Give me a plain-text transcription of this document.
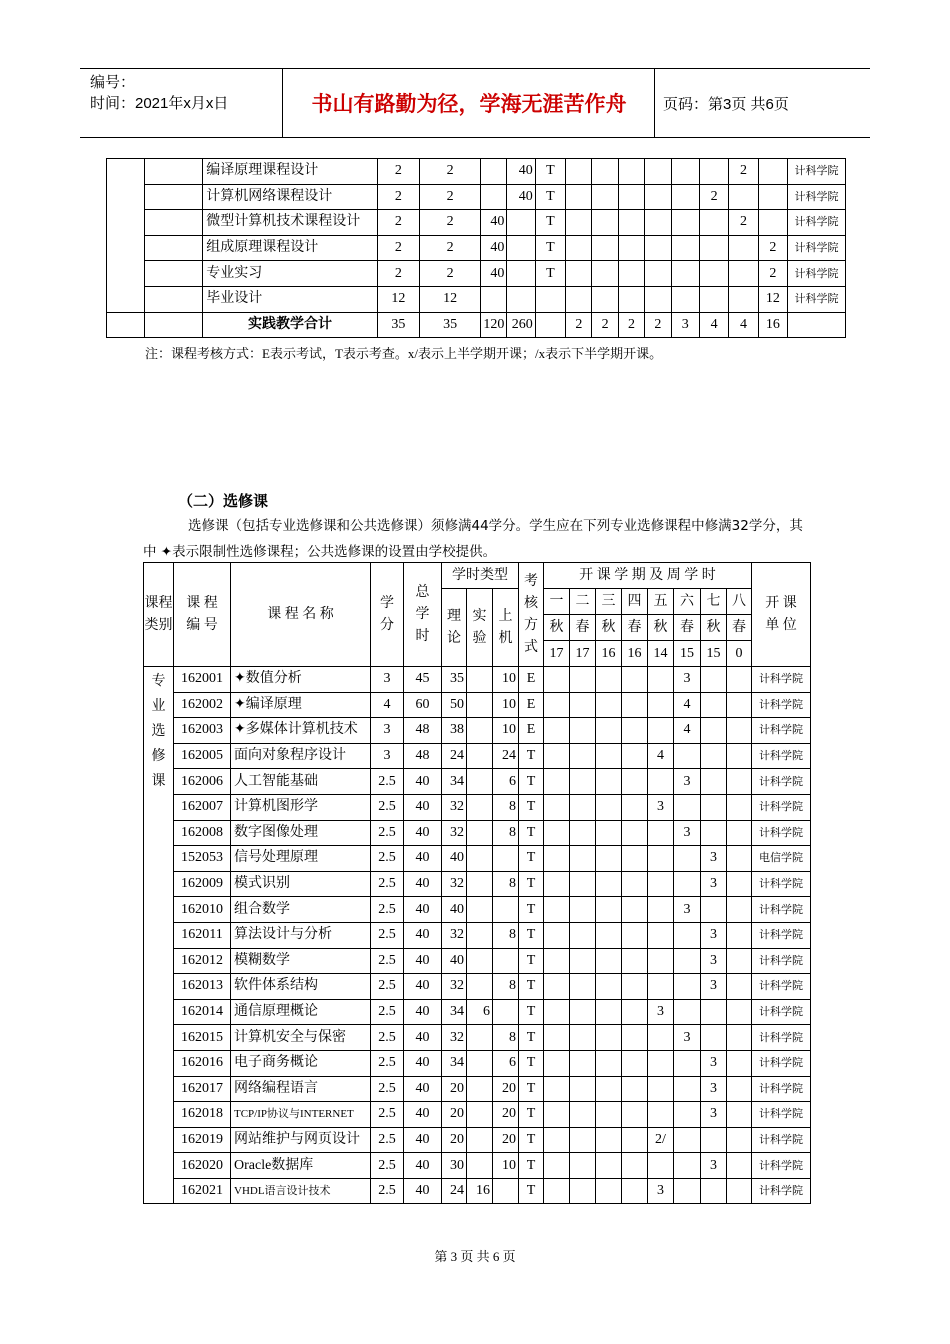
编号：
时间：2021年x月x日	书山有路勤为径，学海无涯苦作舟	页码：第3页 共6页
		编译原理课程设计	2	2		40	T							2		计科学院
		计算机网络课程设计	2	2		40	T						2			计科学院
		微型计算机技术课程设计	2	2	40		T							2		计科学院
		组成原理课程设计	2	2	40		T								2	计科学院
		专业实习	2	2	40		T								2	计科学院
		毕业设计	12	12											12	计科学院
		实践教学合计	35	35	120	260		2	2	2	2	3	4	4	16	
注：课程考核方式：E表示考试，T表示考查。x/表示上半学期开课；/x表示下半学期开课。
（二）选修课
选修课（包括专业选修课和公共选修课）须修满44学分。学生应在下列专业选修课程中修满32学分，其中 ✦表示限制性选修课程；公共选修课的设置由学校提供。
课程类别	课 程 编 号	课 程 名 称	学分	总学时	学时类型			考核方式	开 课 学 期 及 周 学 时								开 课 单 位
					理论	实验	上机		一	二	三	四	五	六	七	八	
									秋	春	秋	春	秋	春	秋	春	
									17	17	16	16	14	15	15	0	
专业选修课	162001	✦数值分析	3	45	35		10	E						3			计科学院
	162002	✦编译原理	4	60	50		10	E						4			计科学院
	162003	✦多媒体计算机技术	3	48	38		10	E						4			计科学院
	162005	面向对象程序设计	3	48	24		24	T					4				计科学院
	162006	人工智能基础	2.5	40	34		6	T						3			计科学院
	162007	计算机图形学	2.5	40	32		8	T					3				计科学院
	162008	数字图像处理	2.5	40	32		8	T						3			计科学院
	152053	信号处理原理	2.5	40	40			T							3		电信学院
	162009	模式识别	2.5	40	32		8	T							3		计科学院
	162010	组合数学	2.5	40	40			T						3			计科学院
	162011	算法设计与分析	2.5	40	32		8	T							3		计科学院
	162012	模糊数学	2.5	40	40			T							3		计科学院
	162013	软件体系结构	2.5	40	32		8	T							3		计科学院
	162014	通信原理概论	2.5	40	34	6		T					3				计科学院
	162015	计算机安全与保密	2.5	40	32		8	T						3			计科学院
	162016	电子商务概论	2.5	40	34		6	T							3		计科学院
	162017	网络编程语言	2.5	40	20		20	T							3		计科学院
	162018	TCP/IP协议与INTERNET	2.5	40	20		20	T							3		计科学院
	162019	网站维护与网页设计	2.5	40	20		20	T					2/				计科学院
	162020	Oracle数据库	2.5	40	30		10	T							3		计科学院
	162021	VHDL语言设计技术	2.5	40	24	16		T					3				计科学院
第 3 页 共 6 页
